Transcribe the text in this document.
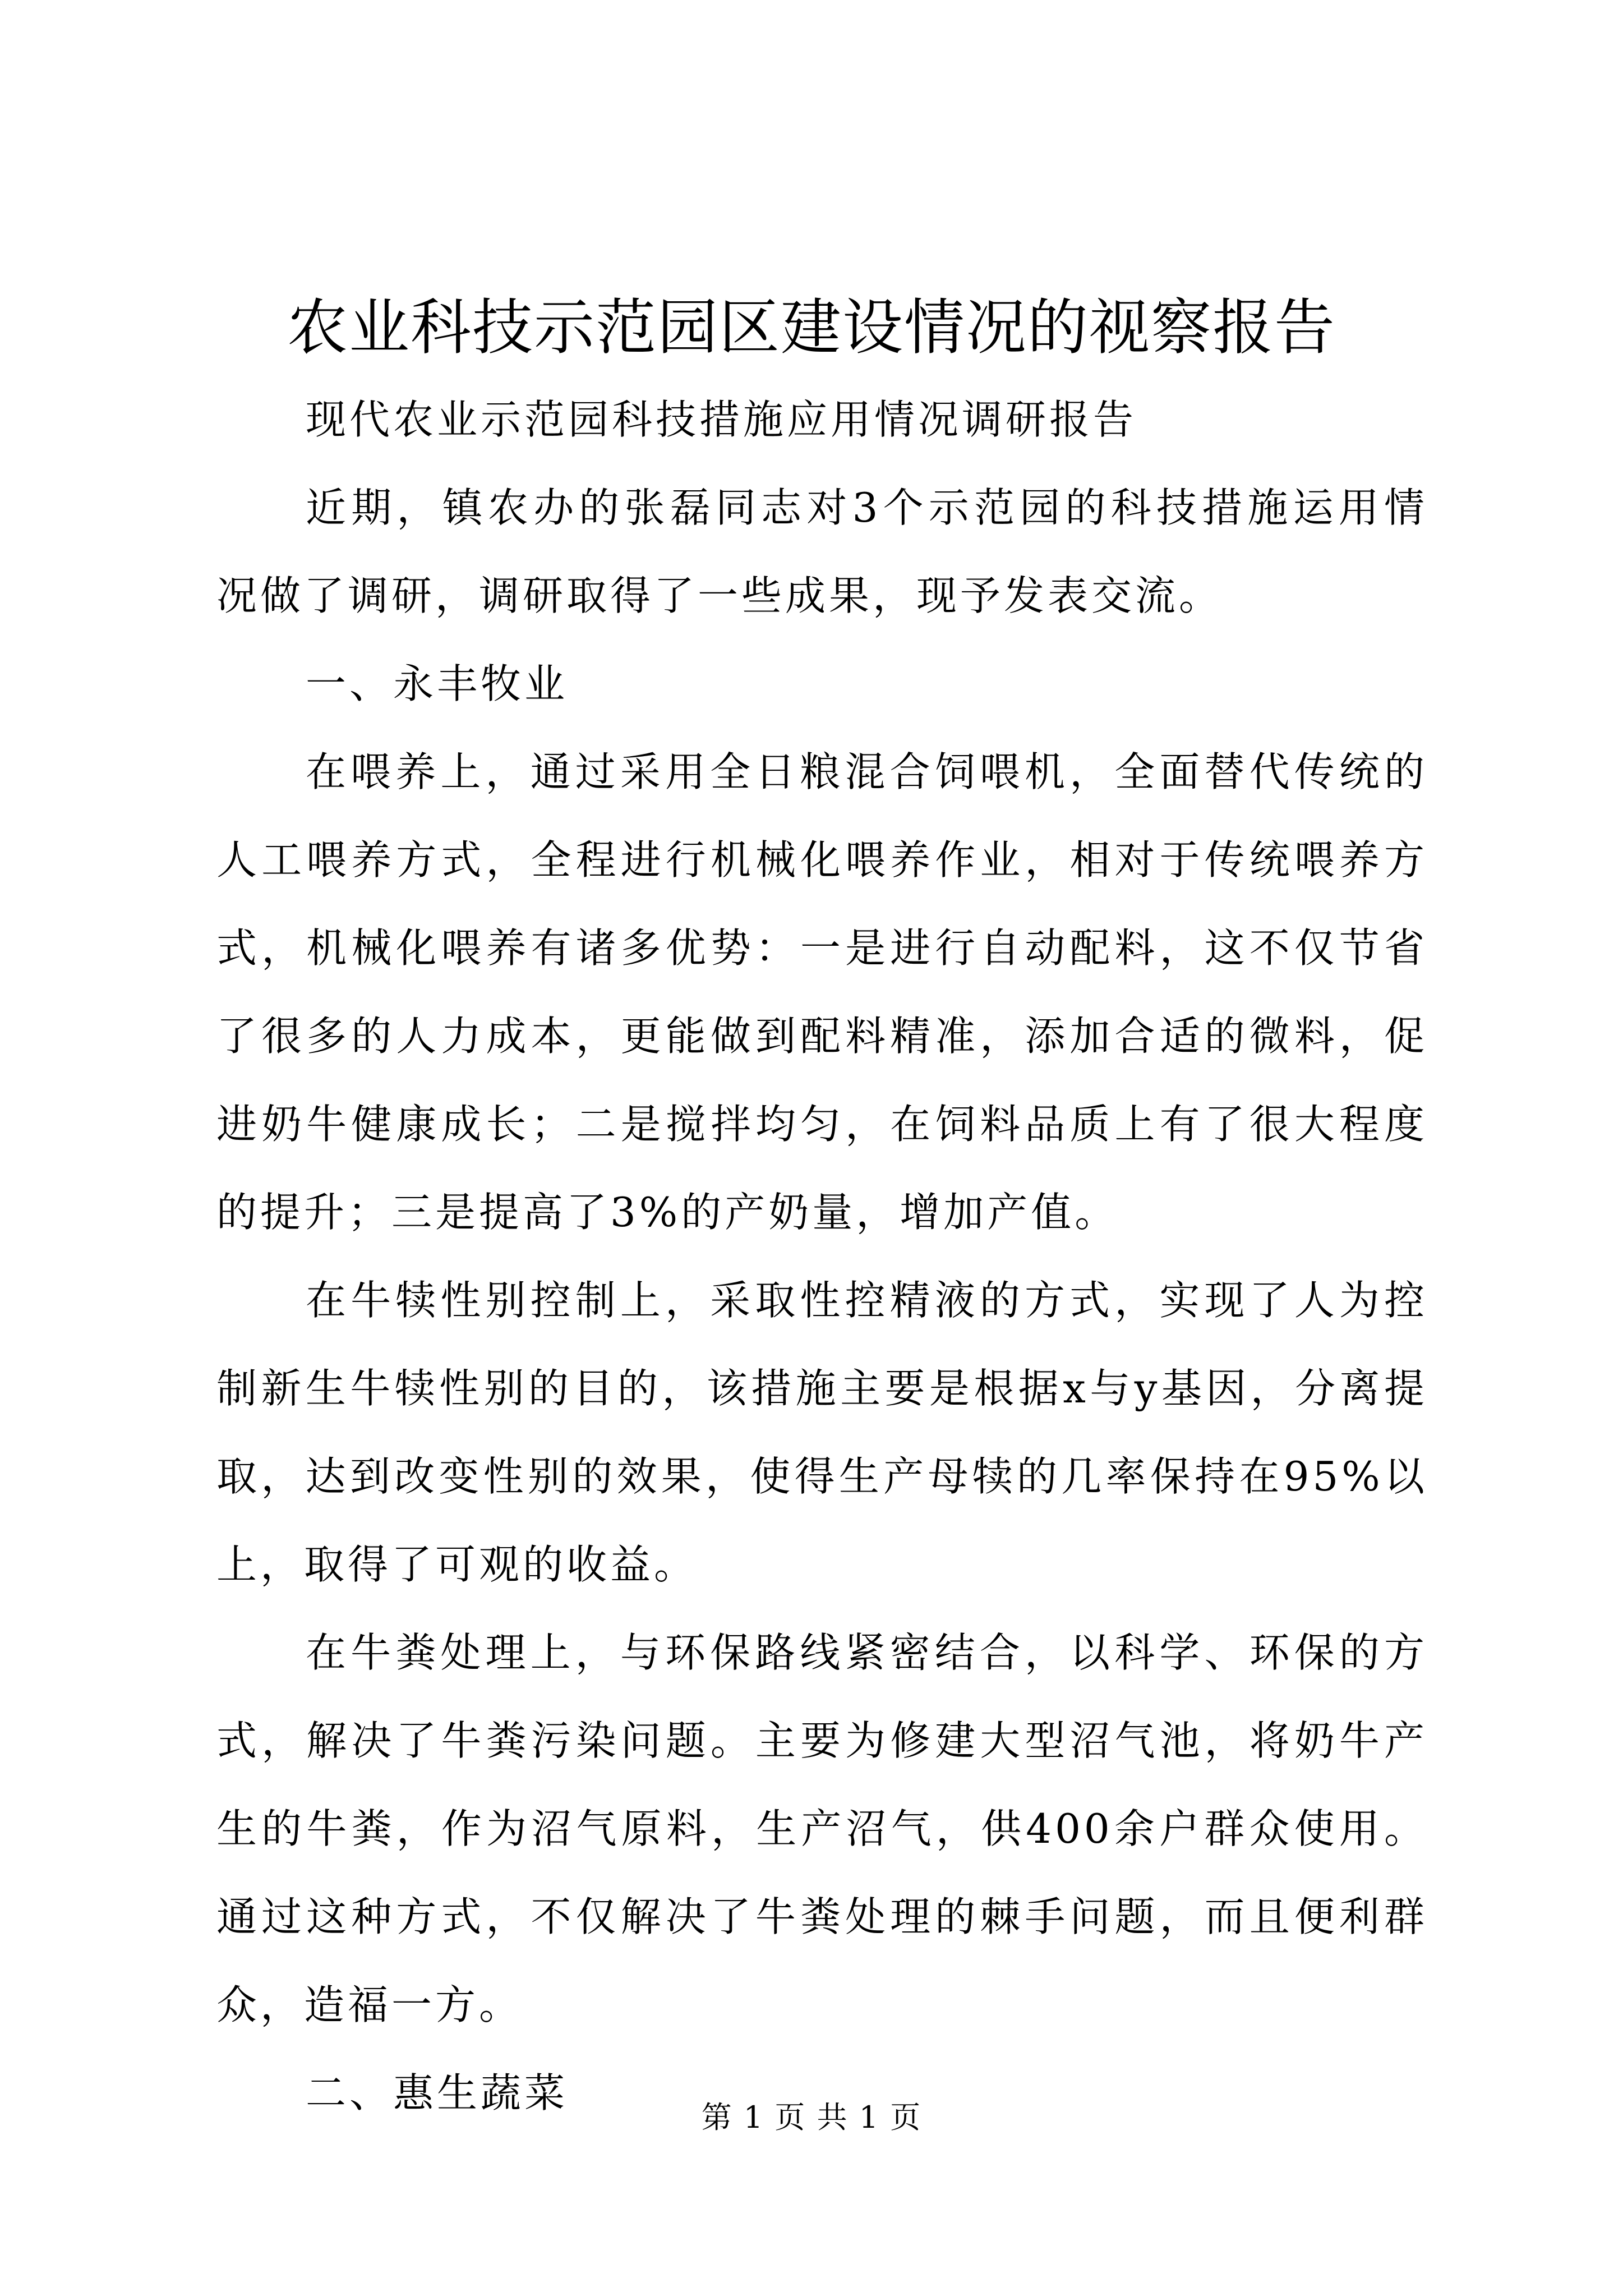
农业科技示范园区建设情况的视察报告

现代农业示范园科技措施应用情况调研报告

近期，镇农办的张磊同志对3个示范园的科技措施运用情况做了调研，调研取得了一些成果，现予发表交流。

一、永丰牧业

在喂养上，通过采用全日粮混合饲喂机，全面替代传统的人工喂养方式，全程进行机械化喂养作业，相对于传统喂养方式，机械化喂养有诸多优势：一是进行自动配料，这不仅节省了很多的人力成本，更能做到配料精准，添加合适的微料，促进奶牛健康成长；二是搅拌均匀，在饲料品质上有了很大程度的提升；三是提高了3%的产奶量，增加产值。

在牛犊性别控制上，采取性控精液的方式，实现了人为控制新生牛犊性别的目的，该措施主要是根据x与y基因，分离提取，达到改变性别的效果，使得生产母犊的几率保持在95%以上，取得了可观的收益。

在牛粪处理上，与环保路线紧密结合，以科学、环保的方式，解决了牛粪污染问题。主要为修建大型沼气池，将奶牛产生的牛粪，作为沼气原料，生产沼气，供400余户群众使用。通过这种方式，不仅解决了牛粪处理的棘手问题，而且便利群众，造福一方。

二、惠生蔬菜

第 1 页 共 1 页
